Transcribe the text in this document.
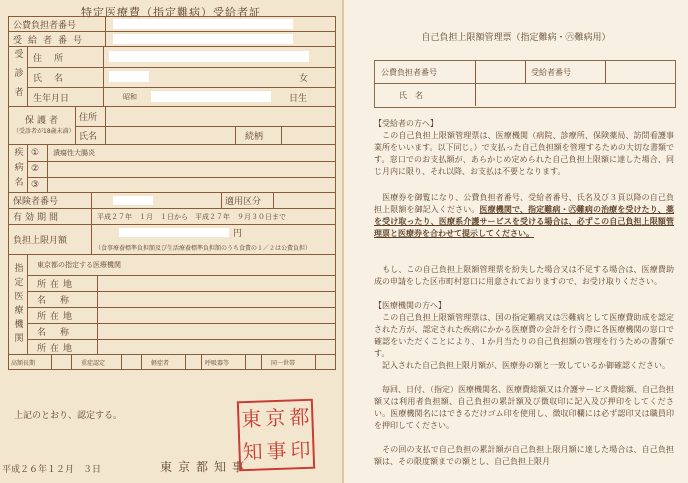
特定医療費（指定難病）受給者証
公費負担者番号
受給者番号
受診者 住所
氏名	女
生年月日	昭和	日生
保護者
（受診者が18歳未満）
住所
氏名	続柄
疾病名 ①	潰瘍性大腸炎
②
③
保険者番号	適用区分
有効期間	平成２７年　１月　１日から　平成２７年　９月３０日まで
負担上限月額
円
（食事療養標準負担額及び生活療養標準負担額のうち食費の１／２は公費負担）
指定医療機関 東京都の指定する医療機関
所在地
名称
所在地
名称
所在地
高額長期	重症認定	軽症者	呼吸器等	同一世帯
上記のとおり、認定する。
平成２６年１２月　３日	東京都知事
東 京 都
知 事 印
自己負担上限額管理票（指定難病・㊅難病用）
公費負担者番号	受給者番号
氏　名
【受給者の方へ】
　この自己負担上限額管理票は、医療機関（病院、診療所、保険薬局、訪問看護事業所をいいます。以下同じ。）で支払った自己負担額を管理するための大切な書類です。窓口でのお支払額が、あらかじめ定められた自己負担上限額に達した場合、同じ月内に限り、それ以降、お支払は不要となります。
　医療券を御覧になり、公費負担者番号、受給者番号、氏名及び３頁以降の自己負担上限額を御記入ください。医療機関で、指定難病・㊅難病の治療を受けたり、薬を受け取ったり、医療系介護サービスを受ける場合は、必ずこの自己負担上限額管理票と医療券を合わせて提示してください。
　もし、この自己負担上限額管理票を紛失した場合又は不足する場合は、医療費助成の申請をした区市町村窓口に用意されておりますので、お受け取りください。
【医療機関の方へ】
　この自己負担上限額管理票は、国の指定難病又は㊅難病として医療費助成を認定された方が、認定された疾病にかかる医療費の会計を行う際に各医療機関の窓口で確認をいただくことにより、１か月当たりの自己負担額の管理を行うための書類です。
　記入された自己負担上限月額が、医療券の額と一致しているか御確認ください。
　毎回、日付、（指定）医療機関名、医療費総額又は介護サービス費総額、自己負担額又は利用者負担額、自己負担の累計額及び徴収印に記入及び押印をしてください。医療機関名にはできるだけゴム印を使用し、徴収印欄には必ず認印又は職員印を押印してください。
　その回の支払で自己負担の累計額が自己負担上限月額に達した場合は、自己負担額は、その限度額までの額とし、自己負担上限月
